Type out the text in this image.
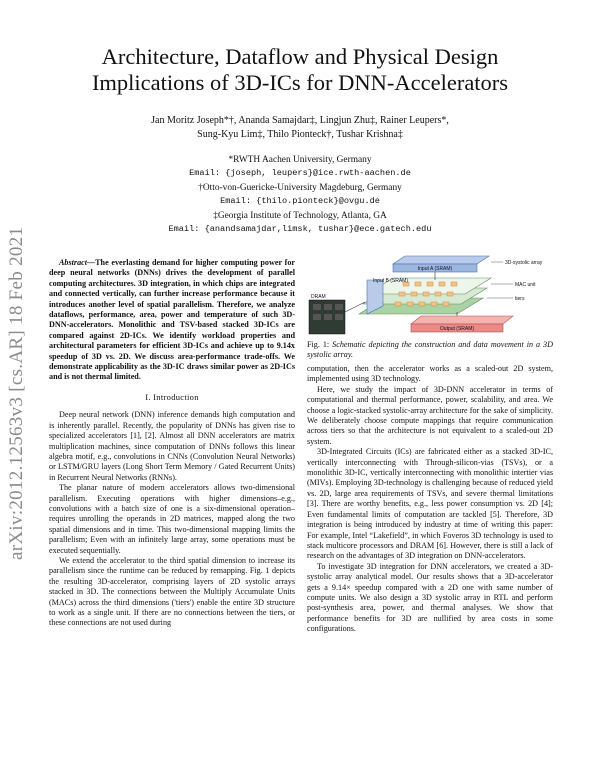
Architecture, Dataflow and Physical Design
Implications of 3D-ICs for DNN-Accelerators
Jan Moritz Joseph*†, Ananda Samajdar‡, Lingjun Zhu‡, Rainer Leupers*,
Sung-Kyu Lim‡, Thilo Pionteck†, Tushar Krishna‡
*RWTH Aachen University, Germany
Email: {joseph, leupers}@ice.rwth-aachen.de
†Otto-von-Guericke-University Magdeburg, Germany
Email: {thilo.pionteck}@ovgu.de
‡Georgia Institute of Technology, Atlanta, GA
Email: {anandsamajdar,limsk, tushar}@ece.gatech.edu
arXiv:2012.12563v3 [cs.AR] 18 Feb 2021	Abstract—The everlasting demand for higher computing power for deep neural networks (DNNs) drives the development of parallel computing architectures. 3D integration, in which chips are integrated and connected vertically, can further increase performance because it introduces another level of spatial parallelism. Therefore, we analyze dataflows, performance, area, power and temperature of such 3D-DNN-accelerators. Monolithic and TSV-based stacked 3D-ICs are compared against 2D-ICs. We identify workload properties and architectural parameters for efficient 3D-ICs and achieve up to 9.14x speedup of 3D vs. 2D. We discuss area-performance trade-offs. We demonstrate applicability as the 3D-IC draws similar power as 2D-ICs and is not thermal limited.

I. Introduction

Deep neural network (DNN) inference demands high computation and is inherently parallel. Recently, the popularity of DNNs has given rise to specialized accelerators [1], [2]. Almost all DNN accelerators are matrix multiplication machines, since computation of DNNs follows this linear algebra motif, e.g., convolutions in CNNs (Convolution Neural Networks) or LSTM/GRU layers (Long Short Term Memory / Gated Recurrent Units) in Recurrent Neural Networks (RNNs).

The planar nature of modern accelerators allows two-dimensional parallelism. Executing operations with higher dimensions–e.g., convolutions with a batch size of one is a six-dimensional operation–requires unrolling the operands in 2D matrices, mapped along the two spatial dimensions and in time. This two-dimensional mapping limits the parallelism; Even with an infinitely large array, some operations must be executed sequentially.

We extend the accelerator to the third spatial dimension to increase its parallelism since the runtime can be reduced by remapping. Fig. 1 depicts the resulting 3D-accelerator, comprising layers of 2D systolic arrays stacked in 3D. The connections between the Multiply Accumulate Units (MACs) across the third dimensions ('tiers') enable the entire 3D structure to work as a single unit. If there are no connections between the tiers, or these connections are not used during

Input A (SRAM)
Input B (SRAM)
Output (SRAM)
DRAM
3D-systolic array
MAC unit
tiers
Fig. 1: Schematic depicting the construction and data movement in a 3D systolic array.

computation, then the accelerator works as a scaled-out 2D system, implemented using 3D technology.

Here, we study the impact of 3D-DNN accelerator in terms of computational and thermal performance, power, scalability, and area. We choose a logic-stacked systolic-array architecture for the sake of simplicity. We deliberately choose compute mappings that require communication across tiers so that the architecture is not equivalent to a scaled-out 2D system.

3D-Integrated Circuits (ICs) are fabricated either as a stacked 3D-IC, vertically interconnecting with Through-silicon-vias (TSVs), or a monolithic 3D-IC, vertically interconnecting with monolithic intertier vias (MIVs). Employing 3D-technology is challenging because of reduced yield vs. 2D, large area requirements of TSVs, and severe thermal limitations [3]. There are worthy benefits, e.g., less power consumption vs. 2D [4]; Even fundamental limits of computation are tackled [5]. Therefore, 3D integration is being introduced by industry at time of writing this paper: For example, Intel “Lakefield”, in which Foveros 3D technology is used to stack multicore processors and DRAM [6]. However, there is still a lack of research on the advantages of 3D integration on DNN-accelerators.

To investigate 3D integration for DNN accelerators, we created a 3D-systolic array analytical model. Our results shows that a 3D-accelerator gets a 9.14× speedup compared with a 2D one with same number of compute units. We also design a 3D systolic array in RTL and perform post-synthesis area, power, and thermal analyses. We show that performance benefits for 3D are nullified by area costs in some configurations.
